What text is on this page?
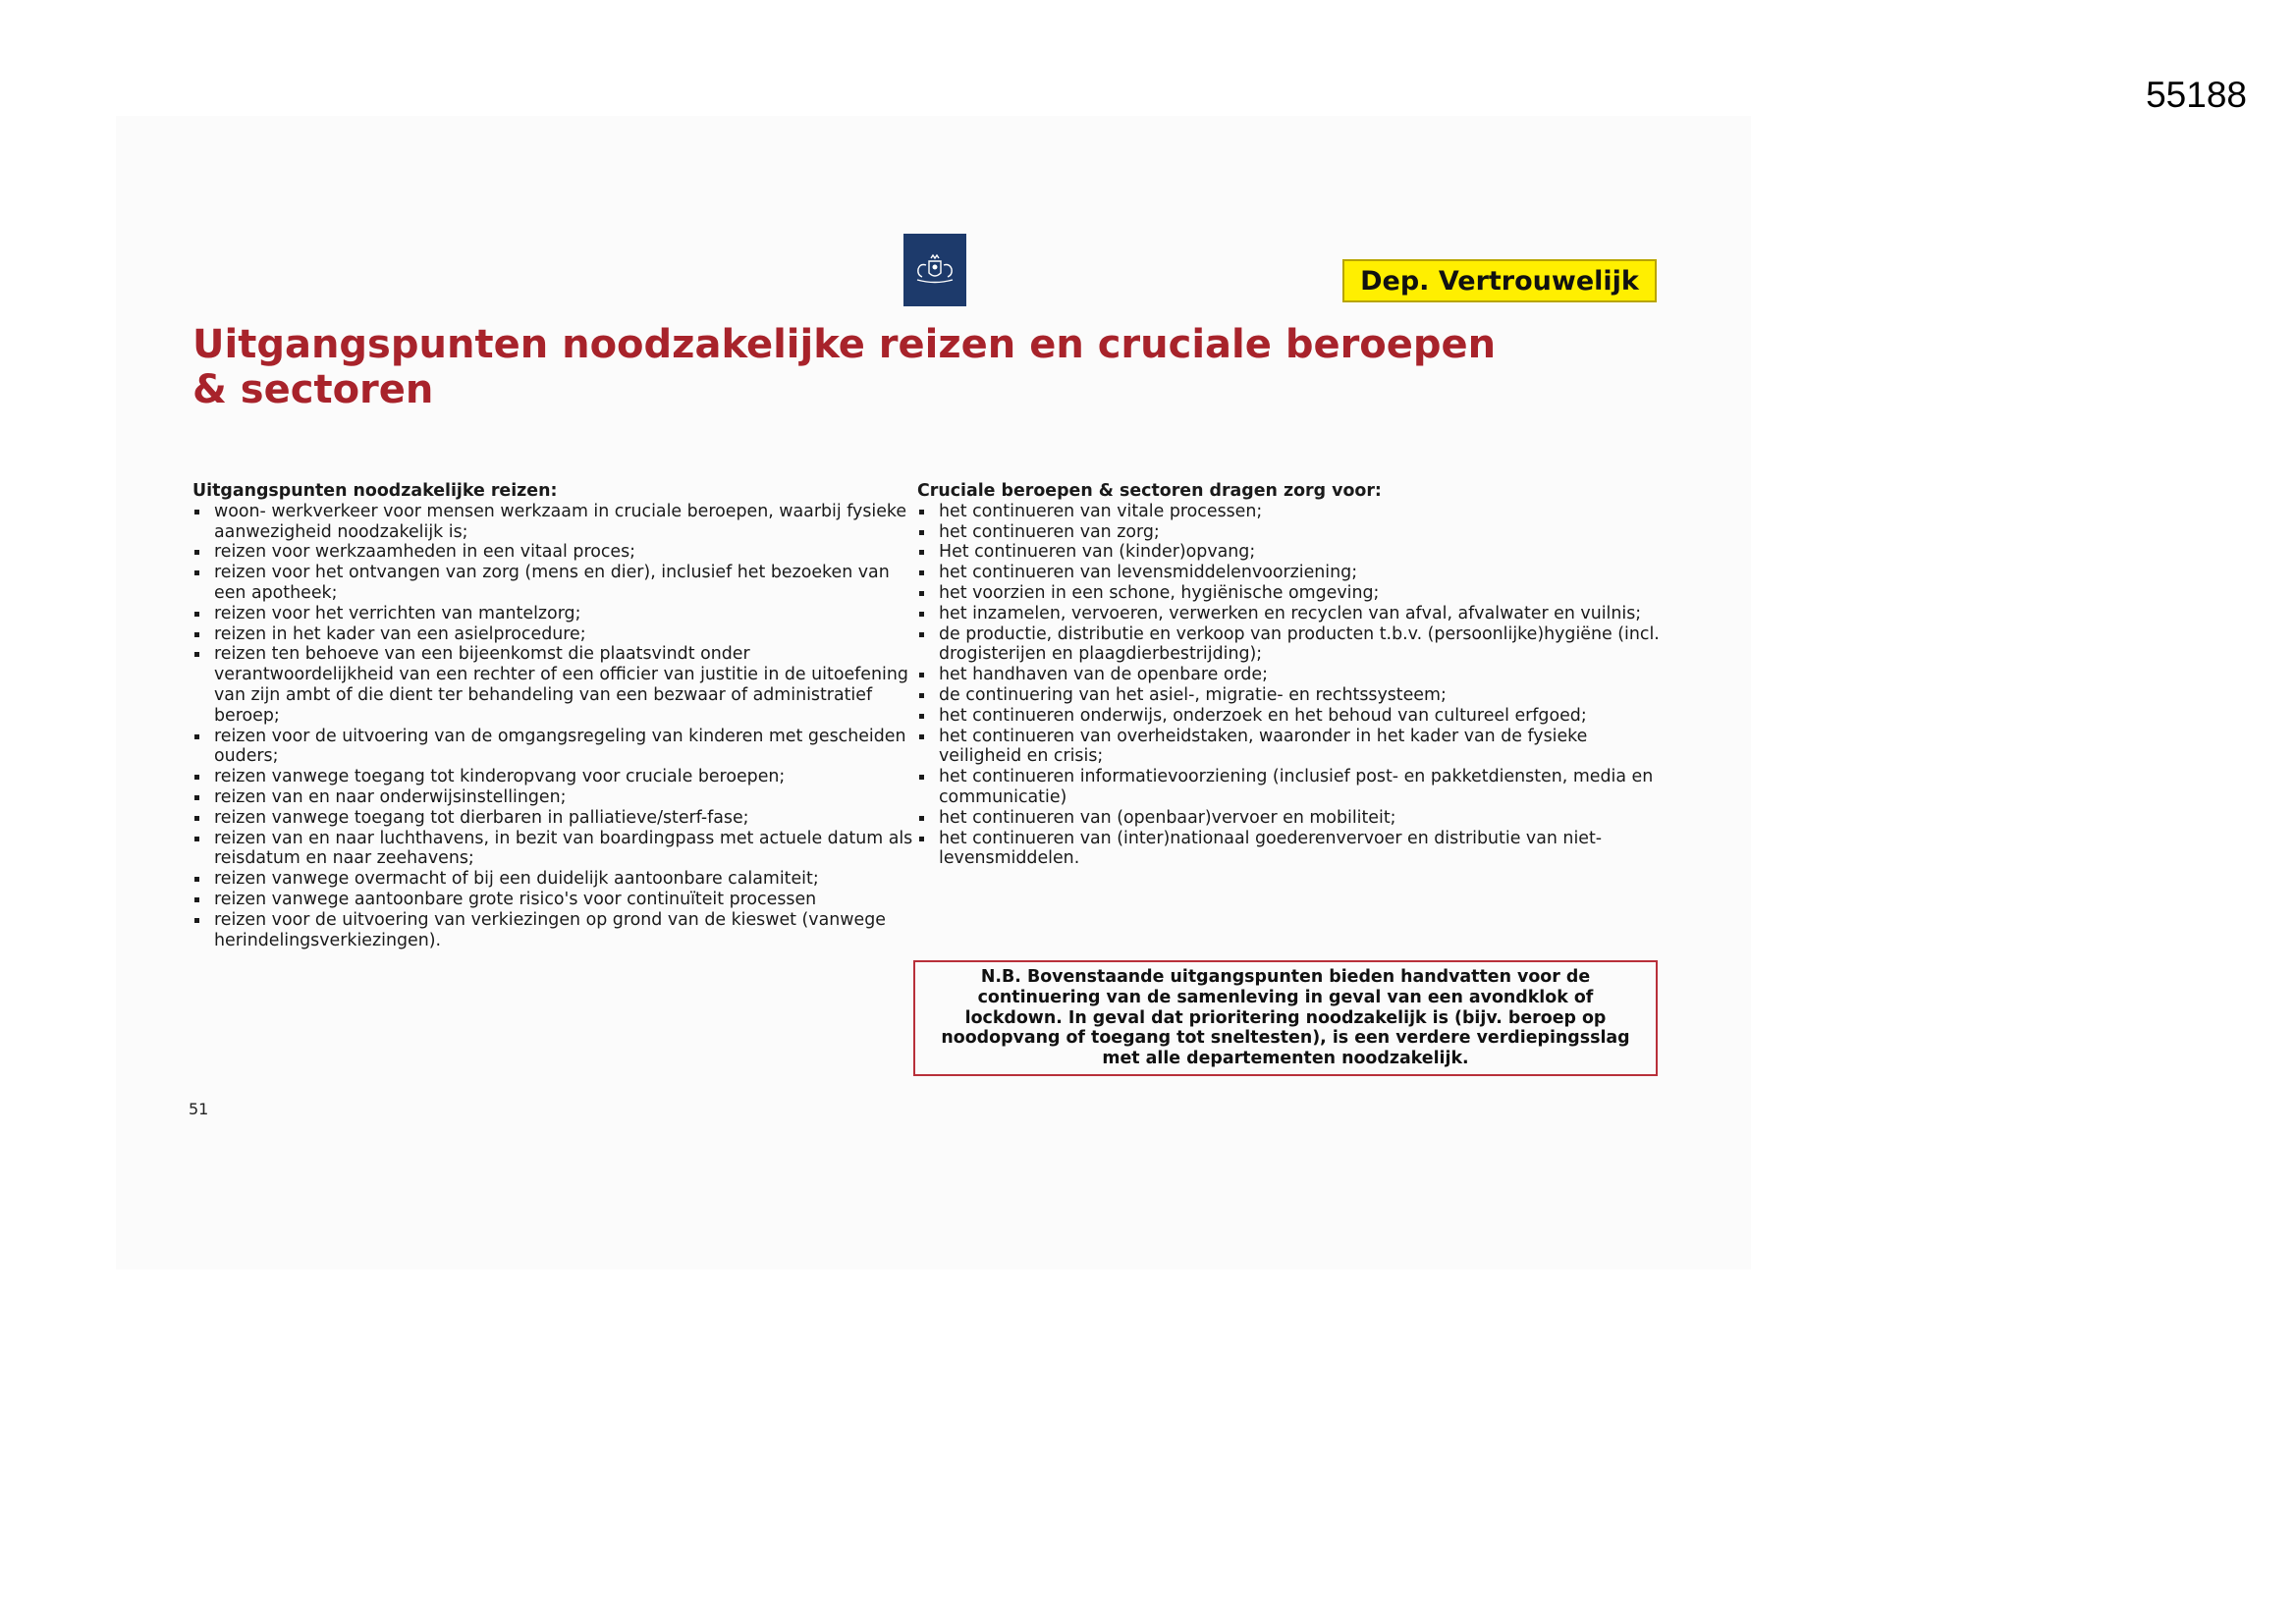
55188
Dep. Vertrouwelijk
Uitgangspunten noodzakelijke reizen en cruciale beroepen & sectoren

Uitgangspunten noodzakelijke reizen:

woon- werkverkeer voor mensen werkzaam in cruciale beroepen, waarbij fysieke aanwezigheid noodzakelijk is;
reizen voor werkzaamheden in een vitaal proces;
reizen voor het ontvangen van zorg (mens en dier), inclusief het bezoeken van een apotheek;
reizen voor het verrichten van mantelzorg;
reizen in het kader van een asielprocedure;
reizen ten behoeve van een bijeenkomst die plaatsvindt onder verantwoordelijkheid van een rechter of een officier van justitie in de uitoefening van zijn ambt of die dient ter behandeling van een bezwaar of administratief beroep;
reizen voor de uitvoering van de omgangsregeling van kinderen met gescheiden ouders;
reizen vanwege toegang tot kinderopvang voor cruciale beroepen;
reizen van en naar onderwijsinstellingen;
reizen vanwege toegang tot dierbaren in palliatieve/sterf-fase;
reizen van en naar luchthavens, in bezit van boardingpass met actuele datum als reisdatum en naar zeehavens;
reizen vanwege overmacht of bij een duidelijk aantoonbare calamiteit;
reizen vanwege aantoonbare grote risico's voor continuïteit processen
reizen voor de uitvoering van verkiezingen op grond van de kieswet (vanwege herindelingsverkiezingen).

Cruciale beroepen & sectoren dragen zorg voor:

het continueren van vitale processen;
het continueren van zorg;
Het continueren van (kinder)opvang;
het continueren van levensmiddelenvoorziening;
het voorzien in een schone, hygiënische omgeving;
het inzamelen, vervoeren, verwerken en recyclen van afval, afvalwater en vuilnis;
de productie, distributie en verkoop van producten t.b.v. (persoonlijke)hygiëne (incl. drogisterijen en plaagdierbestrijding);
het handhaven van de openbare orde;
de continuering van het asiel-, migratie- en rechtssysteem;
het continueren onderwijs, onderzoek en het behoud van cultureel erfgoed;
het continueren van overheidstaken, waaronder in het kader van de fysieke veiligheid en crisis;
het continueren informatievoorziening (inclusief post- en pakketdiensten, media en communicatie)
het continueren van (openbaar)vervoer en mobiliteit;
het continueren van (inter)nationaal goederenvervoer en distributie van niet-levensmiddelen.
N.B. Bovenstaande uitgangspunten bieden handvatten voor de continuering van de samenleving in geval van een avondklok of lockdown. In geval dat prioritering noodzakelijk is (bijv. beroep op noodopvang of toegang tot sneltesten), is een verdere verdiepingsslag met alle departementen noodzakelijk.
51
